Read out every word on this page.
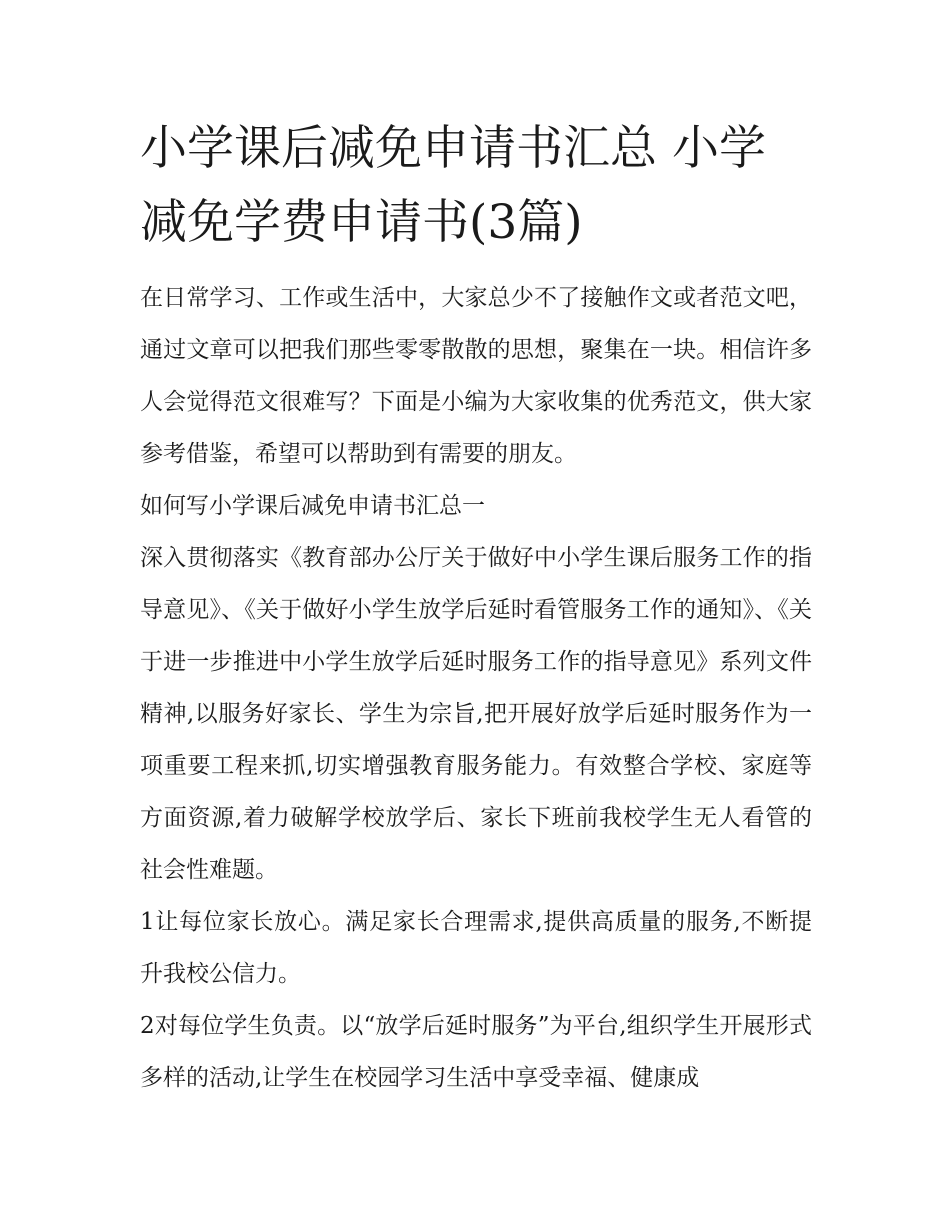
小学课后减免申请书汇总 小学减免学费申请书(3篇)

在日常学习、工作或生活中，大家总少不了接触作文或者范文吧，通过文章可以把我们那些零零散散的思想，聚集在一块。相信许多人会觉得范文很难写？下面是小编为大家收集的优秀范文，供大家参考借鉴，希望可以帮助到有需要的朋友。

如何写小学课后减免申请书汇总一

深入贯彻落实《教育部办公厅关于做好中小学生课后服务工作的指导意见》、《关于做好小学生放学后延时看管服务工作的通知》、《关于进一步推进中小学生放学后延时服务工作的指导意见》系列文件精神,以服务好家长、学生为宗旨,把开展好放学后延时服务作为一项重要工程来抓,切实增强教育服务能力。有效整合学校、家庭等方面资源,着力破解学校放学后、家长下班前我校学生无人看管的社会性难题。

1让每位家长放心。满足家长合理需求,提供高质量的服务,不断提升我校公信力。

2对每位学生负责。以“放学后延时服务”为平台,组织学生开展形式多样的活动,让学生在校园学习生活中享受幸福、健康成
